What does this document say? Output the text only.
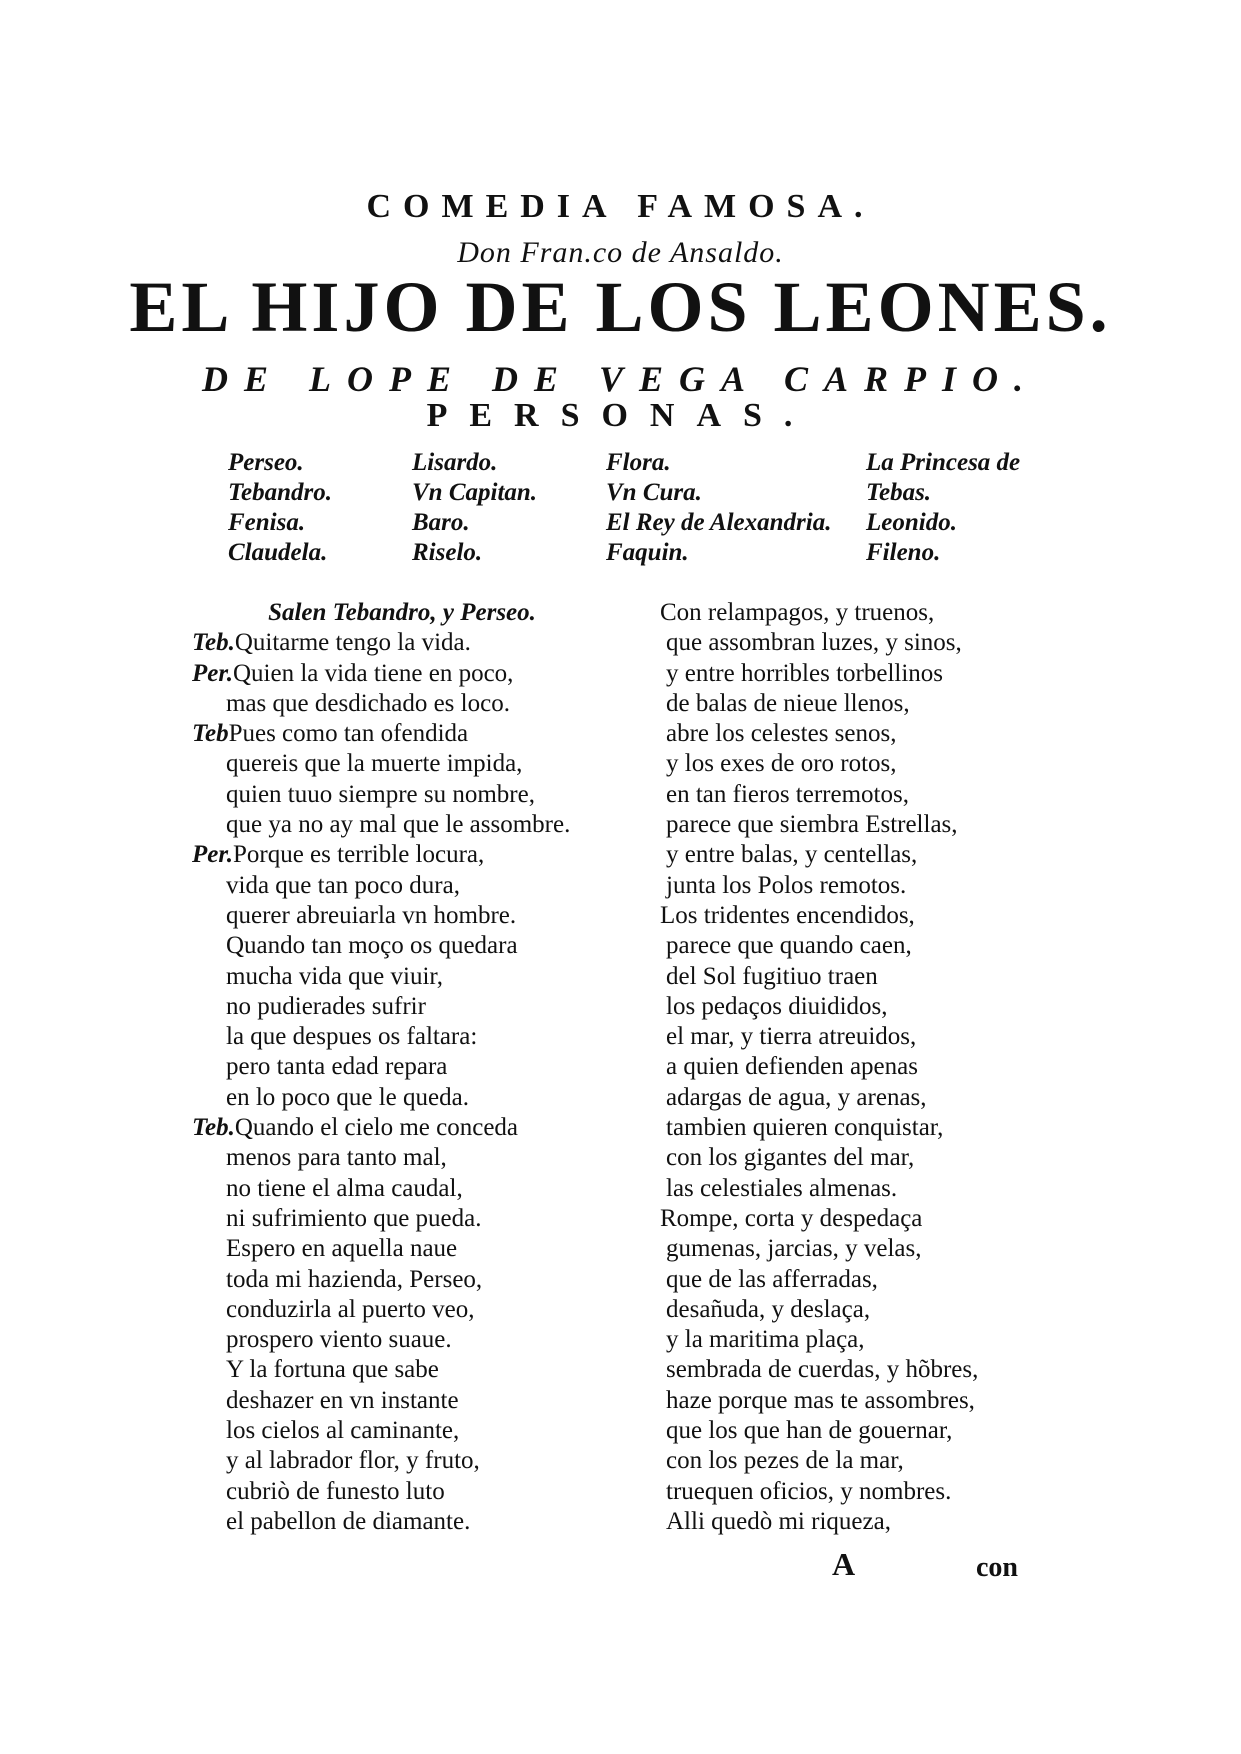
COMEDIA FAMOSA.
Don Fran.co de Ansaldo.
EL HIJO DE LOS LEONES.
DE LOPE DE VEGA CARPIO.
PERSONAS.
Perseo.
Tebandro.
Fenisa.
Claudela.
Lisardo.
Vn Capitan.
Baro.
Riselo.
Flora.
Vn Cura.
El Rey de Alexandria.
Faquin.
La Princesa de
Tebas.
Leonido.
Fileno.
Salen Tebandro, y Perseo.
Teb.Quitarme tengo la vida.
Per.Quien la vida tiene en poco,
mas que desdichado es loco.
TebPues como tan ofendida
quereis que la muerte impida,
quien tuuo siempre su nombre,
que ya no ay mal que le assombre.
Per.Porque es terrible locura,
vida que tan poco dura,
querer abreuiarla vn hombre.
Quando tan moço os quedara
mucha vida que viuir,
no pudierades sufrir
la que despues os faltara:
pero tanta edad repara
en lo poco que le queda.
Teb.Quando el cielo me conceda
menos para tanto mal,
no tiene el alma caudal,
ni sufrimiento que pueda.
Espero en aquella naue
toda mi hazienda, Perseo,
conduzirla al puerto veo,
prospero viento suaue.
Y la fortuna que sabe
deshazer en vn instante
los cielos al caminante,
y al labrador flor, y fruto,
cubriò de funesto luto
el pabellon de diamante.
Con relampagos, y truenos,
que assombran luzes, y sinos,
y entre horribles torbellinos
de balas de nieue llenos,
abre los celestes senos,
y los exes de oro rotos,
en tan fieros terremotos,
parece que siembra Estrellas,
y entre balas, y centellas,
junta los Polos remotos.
Los tridentes encendidos,
parece que quando caen,
del Sol fugitiuo traen
los pedaços diuididos,
el mar, y tierra atreuidos,
a quien defienden apenas
adargas de agua, y arenas,
tambien quieren conquistar,
con los gigantes del mar,
las celestiales almenas.
Rompe, corta y despedaça
gumenas, jarcias, y velas,
que de las afferradas,
desañuda, y deslaça,
y la maritima plaça,
sembrada de cuerdas, y hõbres,
haze porque mas te assombres,
que los que han de gouernar,
con los pezes de la mar,
truequen oficios, y nombres.
Alli quedò mi riqueza,
A	con
